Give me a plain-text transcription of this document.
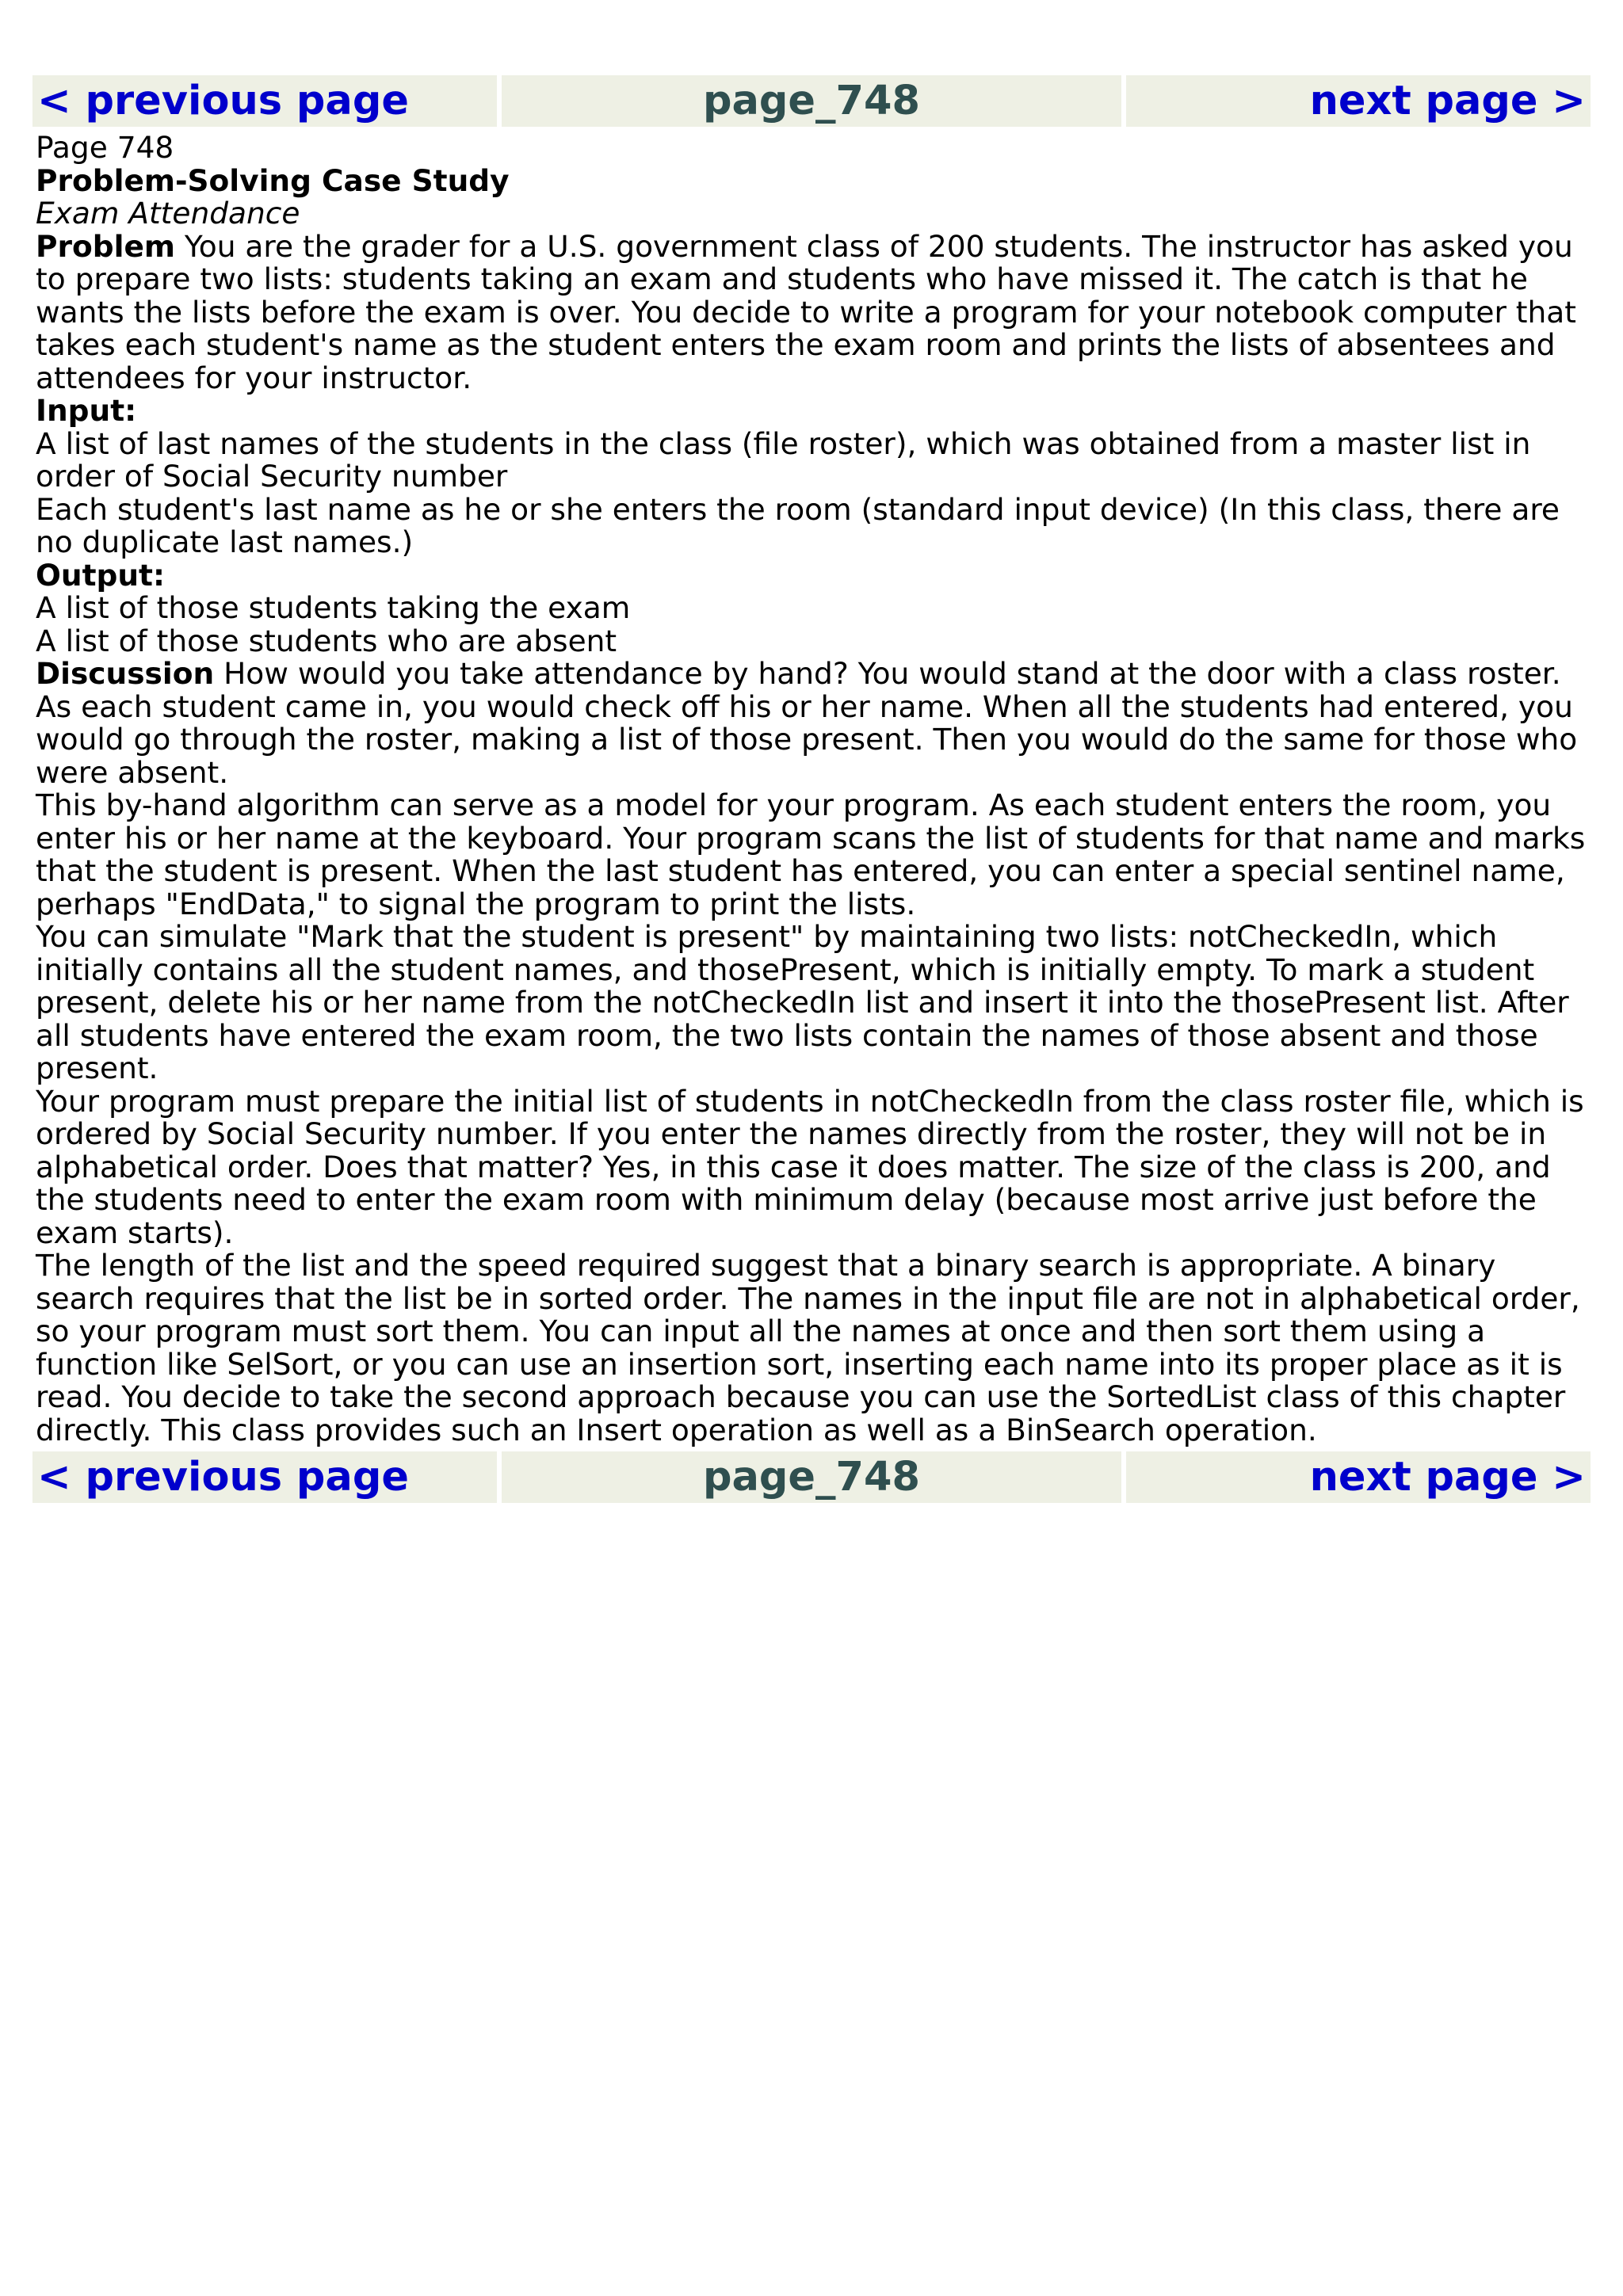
< previous page	page_748	next page >

Page 748

Problem-Solving Case Study

Exam Attendance

Problem You are the grader for a U.S. government class of 200 students. The instructor has asked you to prepare two lists: students taking an exam and students who have missed it. The catch is that he wants the lists before the exam is over. You decide to write a program for your notebook computer that takes each student's name as the student enters the exam room and prints the lists of absentees and attendees for your instructor.

Input:

A list of last names of the students in the class (file roster), which was obtained from a master list in order of Social Security number

Each student's last name as he or she enters the room (standard input device) (In this class, there are no duplicate last names.)

Output:

A list of those students taking the exam

A list of those students who are absent

Discussion How would you take attendance by hand? You would stand at the door with a class roster. As each student came in, you would check off his or her name. When all the students had entered, you would go through the roster, making a list of those present. Then you would do the same for those who were absent.

This by-hand algorithm can serve as a model for your program. As each student enters the room, you enter his or her name at the keyboard. Your program scans the list of students for that name and marks that the student is present. When the last student has entered, you can enter a special sentinel name, perhaps "EndData," to signal the program to print the lists.

You can simulate "Mark that the student is present" by maintaining two lists: notCheckedIn, which initially contains all the student names, and thosePresent, which is initially empty. To mark a student present, delete his or her name from the notCheckedIn list and insert it into the thosePresent list. After all students have entered the exam room, the two lists contain the names of those absent and those present.

Your program must prepare the initial list of students in notCheckedIn from the class roster file, which is ordered by Social Security number. If you enter the names directly from the roster, they will not be in alphabetical order. Does that matter? Yes, in this case it does matter. The size of the class is 200, and the students need to enter the exam room with minimum delay (because most arrive just before the exam starts).

The length of the list and the speed required suggest that a binary search is appropriate. A binary search requires that the list be in sorted order. The names in the input file are not in alphabetical order, so your program must sort them. You can input all the names at once and then sort them using a function like SelSort, or you can use an insertion sort, inserting each name into its proper place as it is read. You decide to take the second approach because you can use the SortedList class of this chapter directly. This class provides such an Insert operation as well as a BinSearch operation.

< previous page	page_748	next page >
